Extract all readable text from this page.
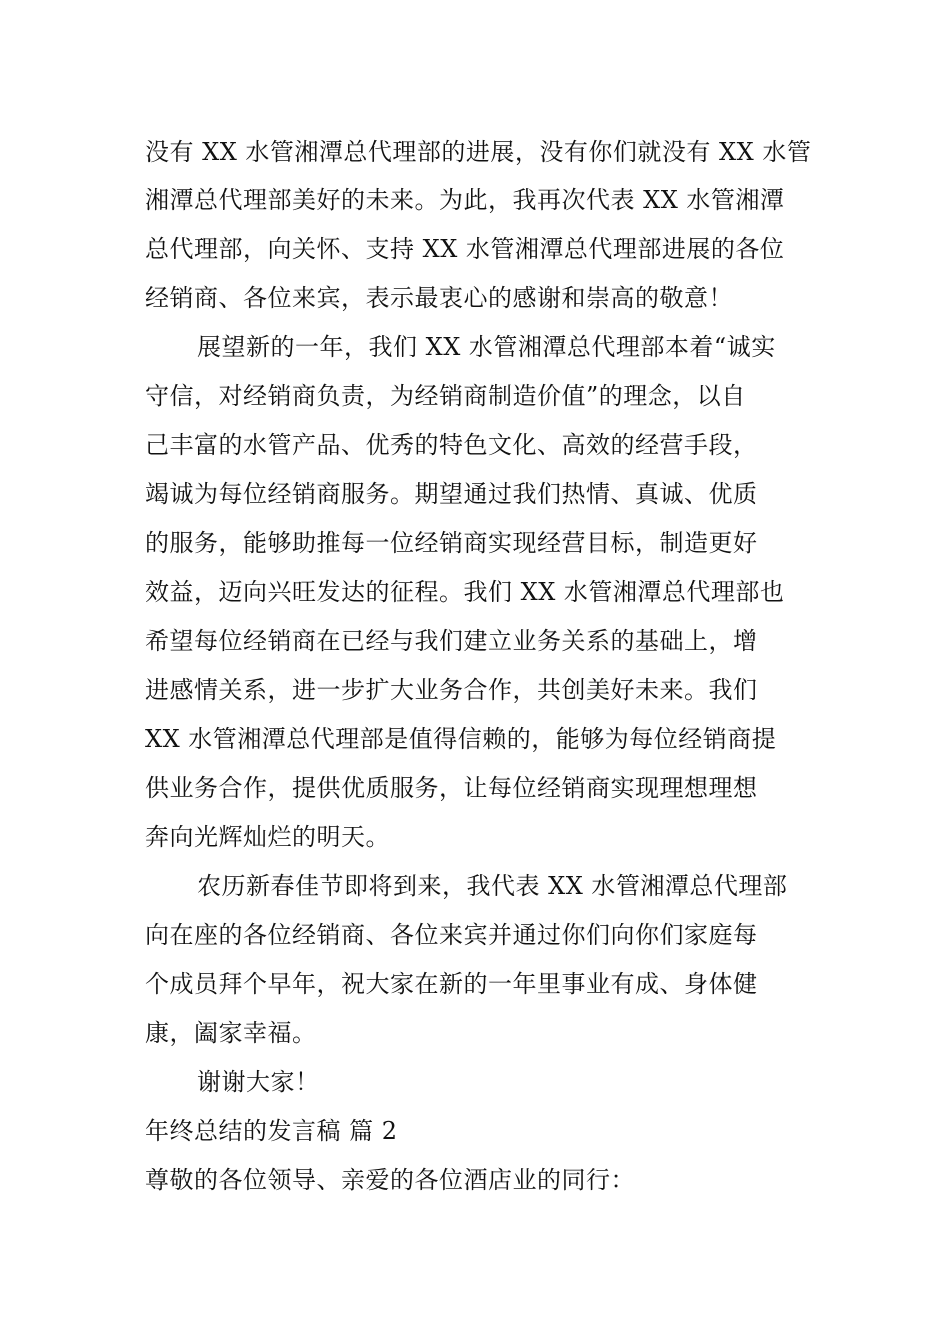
没有 XX 水管湘潭总代理部的进展，没有你们就没有 XX 水管
湘潭总代理部美好的未来。为此，我再次代表 XX 水管湘潭
总代理部，向关怀、支持 XX 水管湘潭总代理部进展的各位
经销商、各位来宾，表示最衷心的感谢和崇高的敬意！
展望新的一年，我们 XX 水管湘潭总代理部本着“诚实
守信，对经销商负责，为经销商制造价值”的理念，以自
己丰富的水管产品、优秀的特色文化、高效的经营手段，
竭诚为每位经销商服务。期望通过我们热情、真诚、优质
的服务，能够助推每一位经销商实现经营目标，制造更好
效益，迈向兴旺发达的征程。我们 XX 水管湘潭总代理部也
希望每位经销商在已经与我们建立业务关系的基础上，增
进感情关系，进一步扩大业务合作，共创美好未来。我们
XX 水管湘潭总代理部是值得信赖的，能够为每位经销商提
供业务合作，提供优质服务，让每位经销商实现理想理想
奔向光辉灿烂的明天。
农历新春佳节即将到来，我代表 XX 水管湘潭总代理部
向在座的各位经销商、各位来宾并通过你们向你们家庭每
个成员拜个早年，祝大家在新的一年里事业有成、身体健
康，阖家幸福。
谢谢大家！
年终总结的发言稿 篇 2
尊敬的各位领导、亲爱的各位酒店业的同行：
